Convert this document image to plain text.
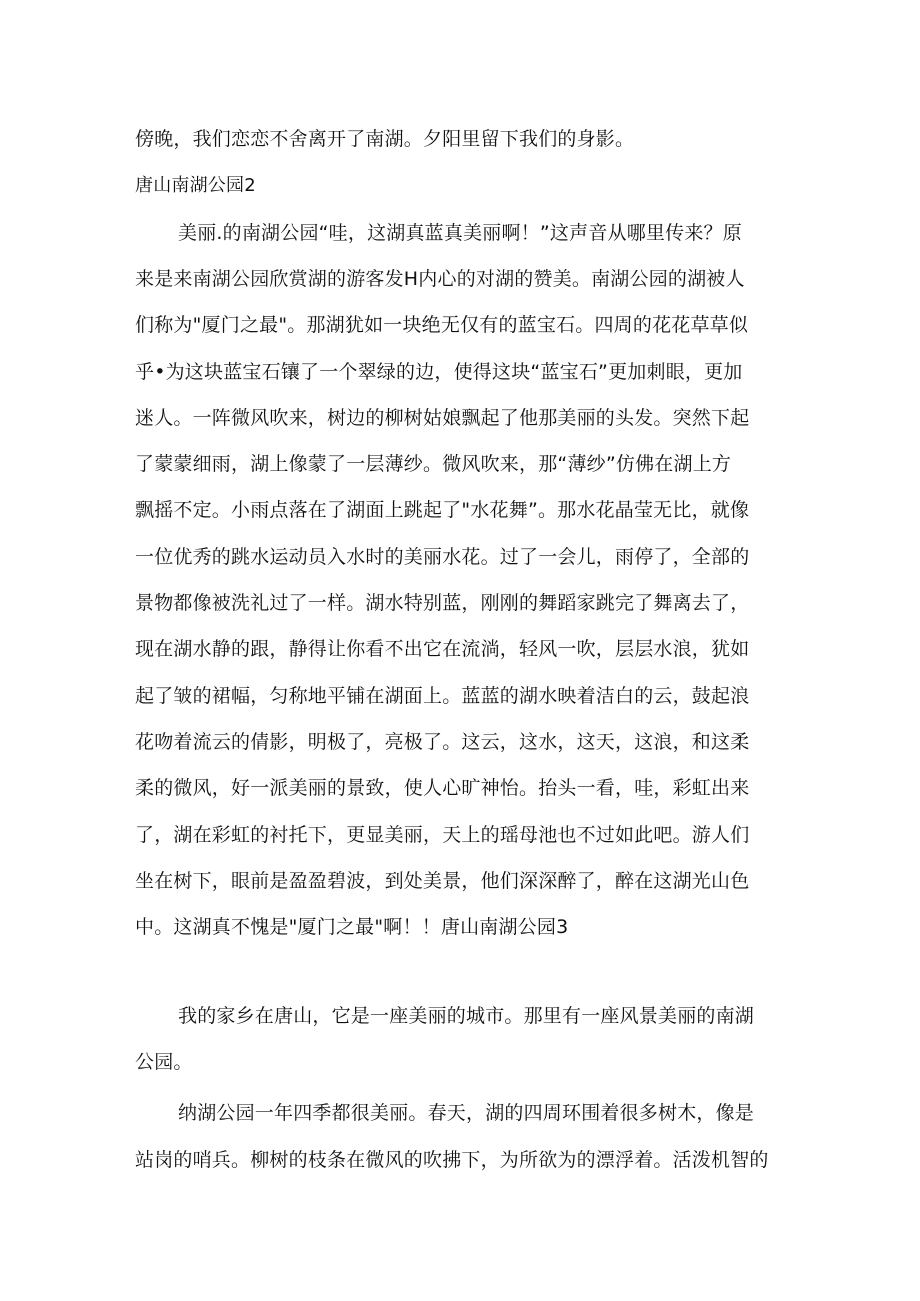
傍晚，我们恋恋不舍离开了南湖。夕阳里留下我们的身影。
唐山南湖公园2
美丽.的南湖公园“哇，这湖真蓝真美丽啊！”这声音从哪里传来？原
来是来南湖公园欣赏湖的游客发H内心的对湖的赞美。南湖公园的湖被人
们称为"厦门之最"。那湖犹如一块绝无仅有的蓝宝石。四周的花花草草似
乎•为这块蓝宝石镶了一个翠绿的边，使得这块“蓝宝石”更加刺眼，更加
迷人。一阵微风吹来，树边的柳树姑娘飘起了他那美丽的头发。突然下起
了蒙蒙细雨，湖上像蒙了一层薄纱。微风吹来，那“薄纱”仿佛在湖上方
飘摇不定。小雨点落在了湖面上跳起了"水花舞”。那水花晶莹无比，就像
一位优秀的跳水运动员入水时的美丽水花。过了一会儿，雨停了，全部的
景物都像被洗礼过了一样。湖水特别蓝，刚刚的舞蹈家跳完了舞离去了，
现在湖水静的跟，静得让你看不出它在流淌，轻风一吹，层层水浪，犹如
起了皱的裙幅，匀称地平铺在湖面上。蓝蓝的湖水映着洁白的云，鼓起浪
花吻着流云的倩影，明极了，亮极了。这云，这水，这天，这浪，和这柔
柔的微风，好一派美丽的景致，使人心旷神怡。抬头一看，哇，彩虹出来
了，湖在彩虹的衬托下，更显美丽，天上的瑶母池也不过如此吧。游人们
坐在树下，眼前是盈盈碧波，到处美景，他们深深醉了，醉在这湖光山色
中。这湖真不愧是"厦门之最"啊！！唐山南湖公园3
我的家乡在唐山，它是一座美丽的城市。那里有一座风景美丽的南湖
公园。
纳湖公园一年四季都很美丽。春天，湖的四周环围着很多树木，像是
站岗的哨兵。柳树的枝条在微风的吹拂下，为所欲为的漂浮着。活泼机智的
